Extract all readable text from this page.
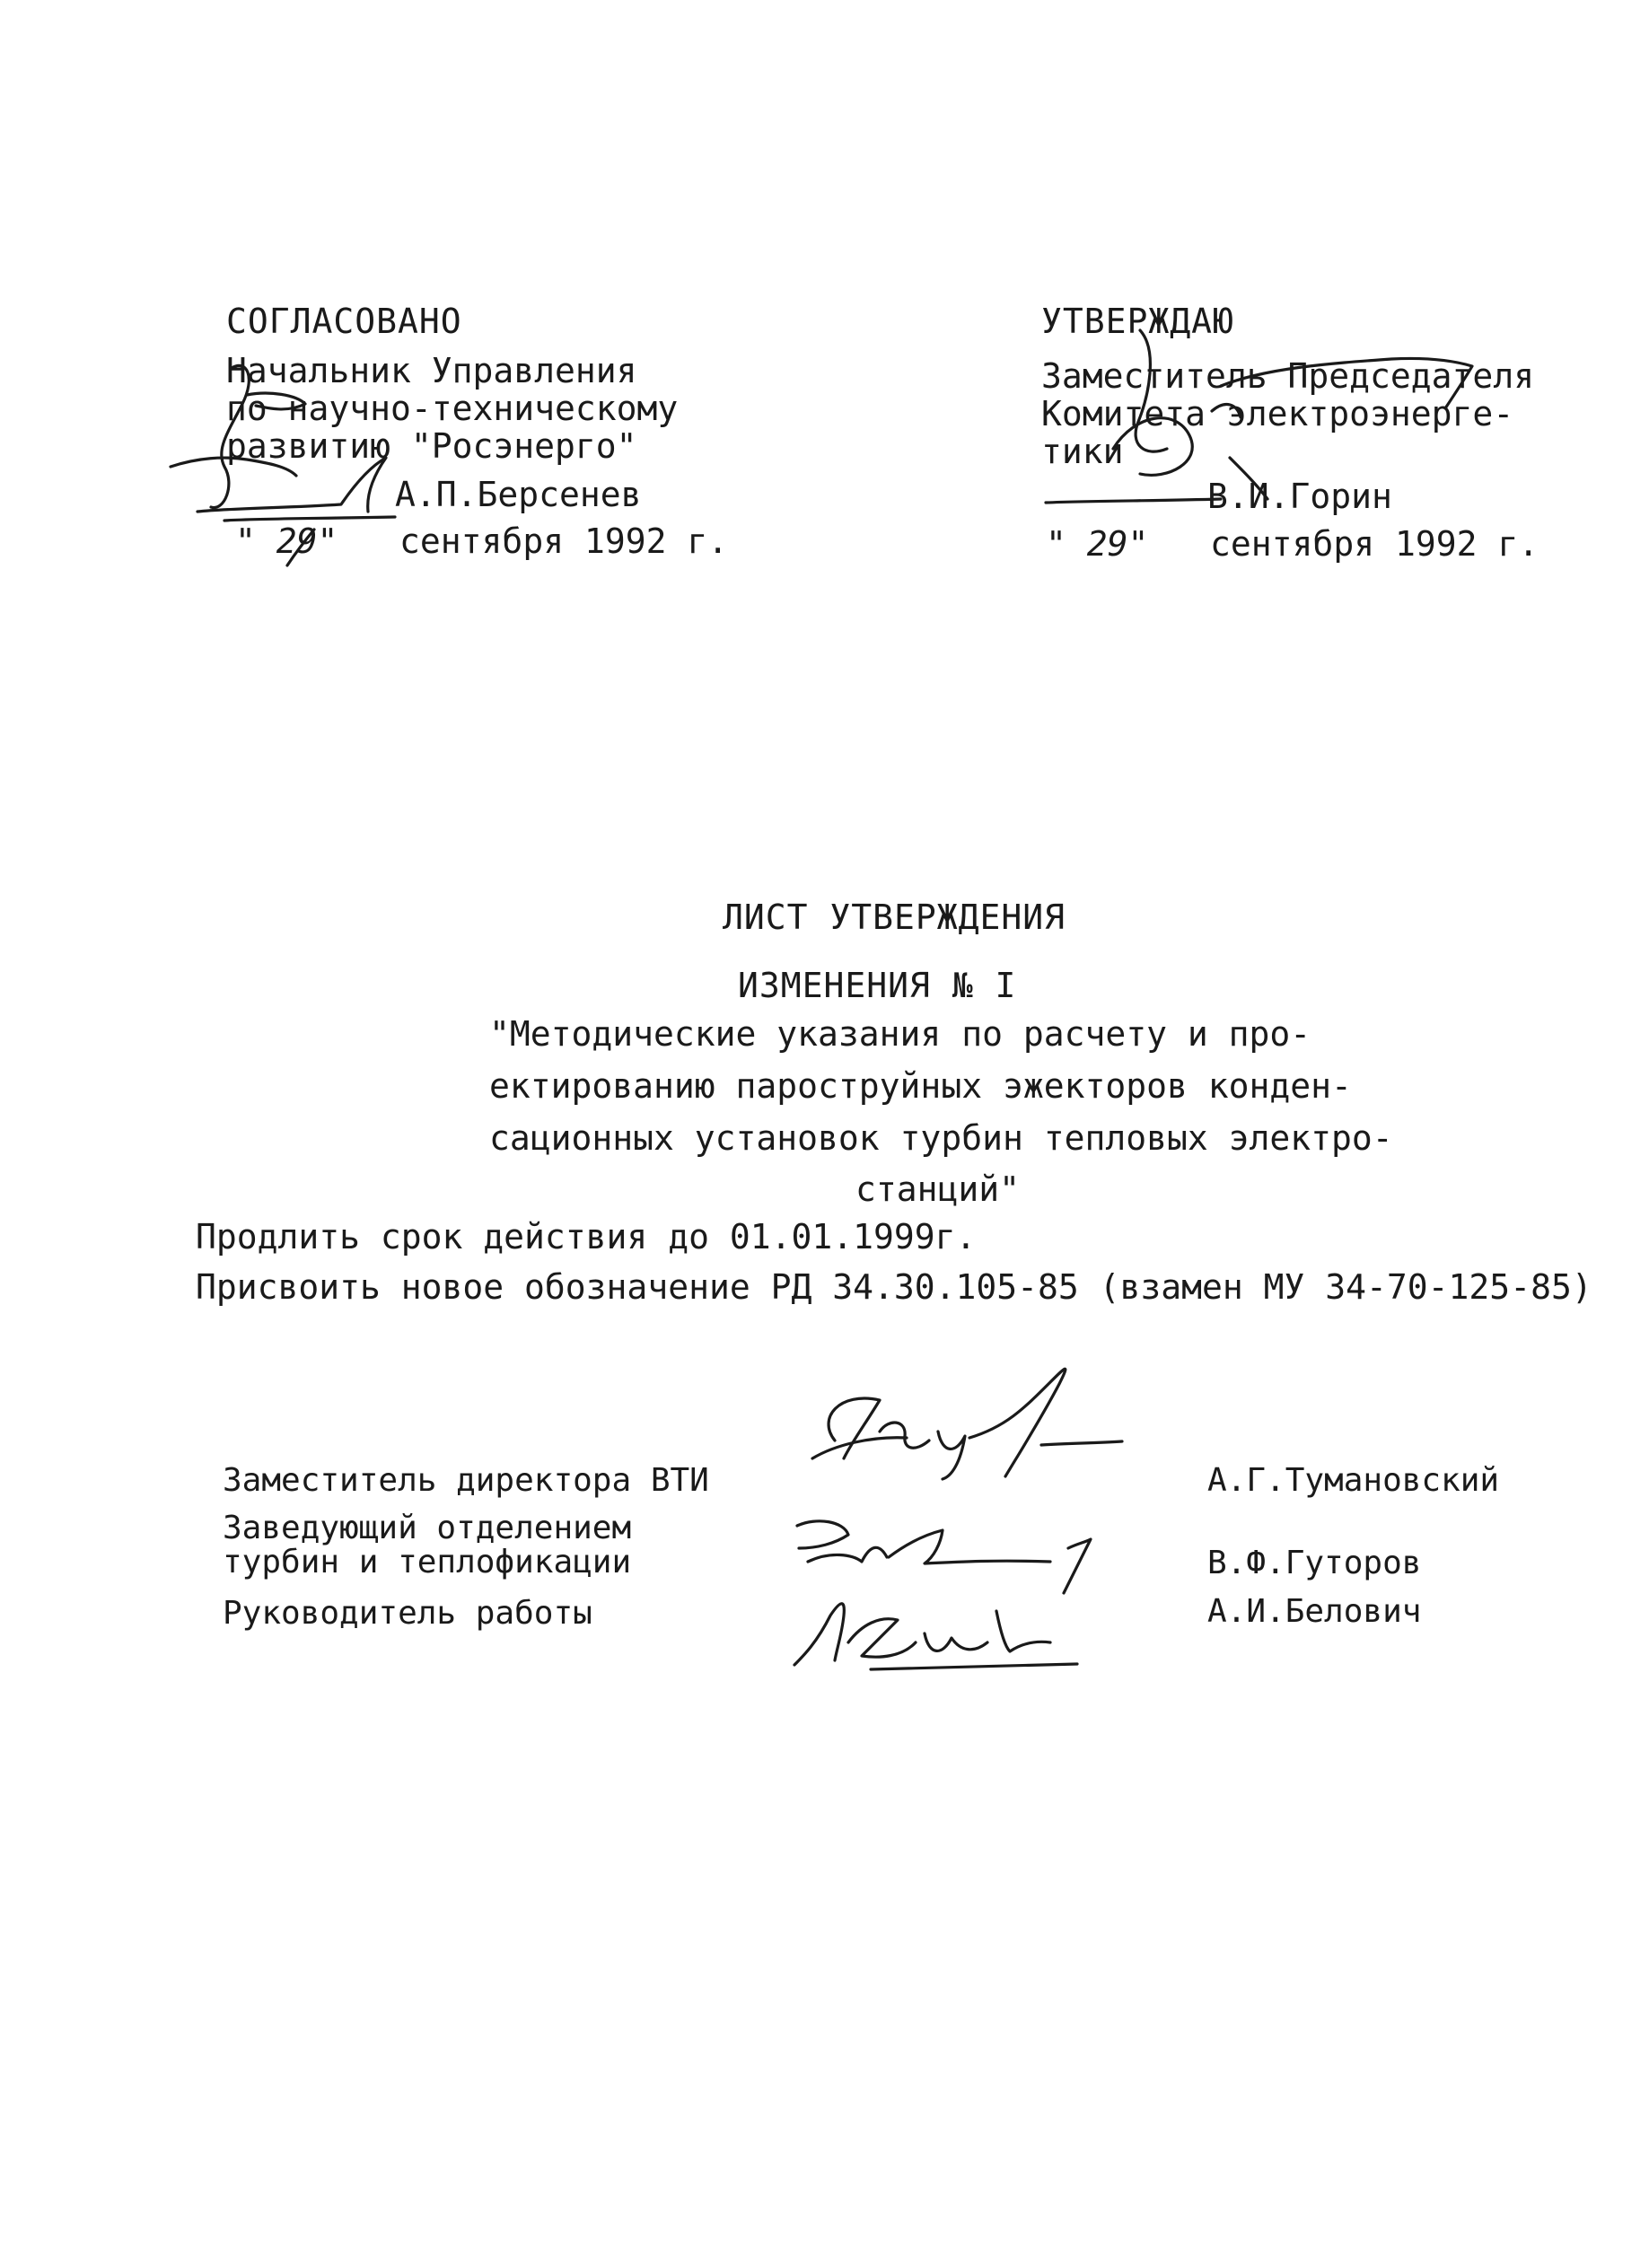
СОГЛАСОВАНО
Начальник Управления
по научно-техническому
развитию "Росэнерго"
А.П.Берсенев
" 29"   сентября 1992 г.
УТВЕРЖДАЮ
Заместитель Председателя
Комитета электроэнерге-
тики
В.И.Горин
" 29"   сентября 1992 г.
ЛИСТ УТВЕРЖДЕНИЯ
ИЗМЕНЕНИЯ № I
"Методические указания по расчету и про-
ектированию пароструйных эжекторов конден-
сационных установок турбин тепловых электро-
станций"
Продлить срок действия до 01.01.1999г.
Присвоить новое обозначение РД 34.30.105-85 (взамен МУ 34-70-125-85)
Заместитель директора ВТИ	А.Г.Тумановский
Заведующий отделением
турбин и теплофикации	В.Ф.Гуторов
Руководитель работы	А.И.Белович
